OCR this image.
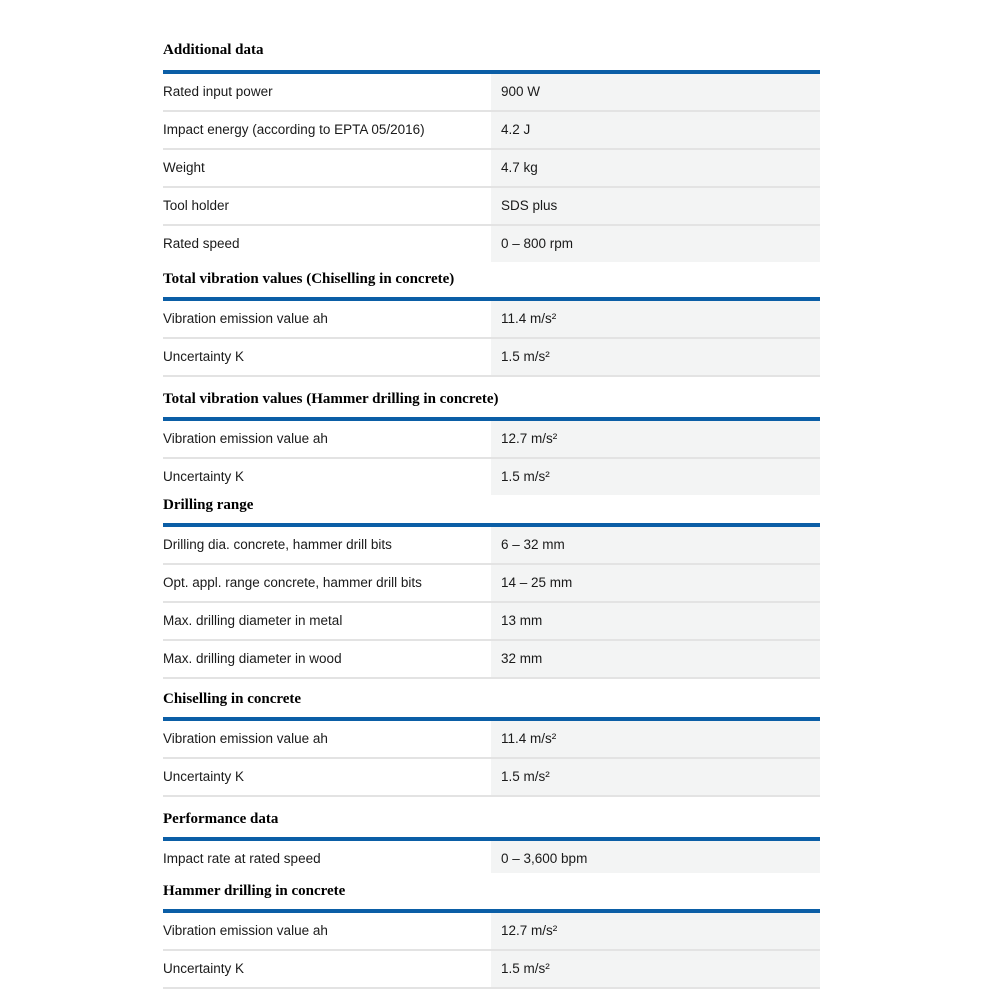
Additional data
Rated input power	900 W
Impact energy (according to EPTA 05/2016)	4.2 J
Weight	4.7 kg
Tool holder	SDS plus
Rated speed	0 – 800 rpm
Total vibration values (Chiselling in concrete)
Vibration emission value ah	11.4 m/s²
Uncertainty K	1.5 m/s²
Total vibration values (Hammer drilling in concrete)
Vibration emission value ah	12.7 m/s²
Uncertainty K	1.5 m/s²
Drilling range
Drilling dia. concrete, hammer drill bits	6 – 32 mm
Opt. appl. range concrete, hammer drill bits	14 – 25 mm
Max. drilling diameter in metal	13 mm
Max. drilling diameter in wood	32 mm
Chiselling in concrete
Vibration emission value ah	11.4 m/s²
Uncertainty K	1.5 m/s²
Performance data
Impact rate at rated speed	0 – 3,600 bpm
Hammer drilling in concrete
Vibration emission value ah	12.7 m/s²
Uncertainty K	1.5 m/s²
